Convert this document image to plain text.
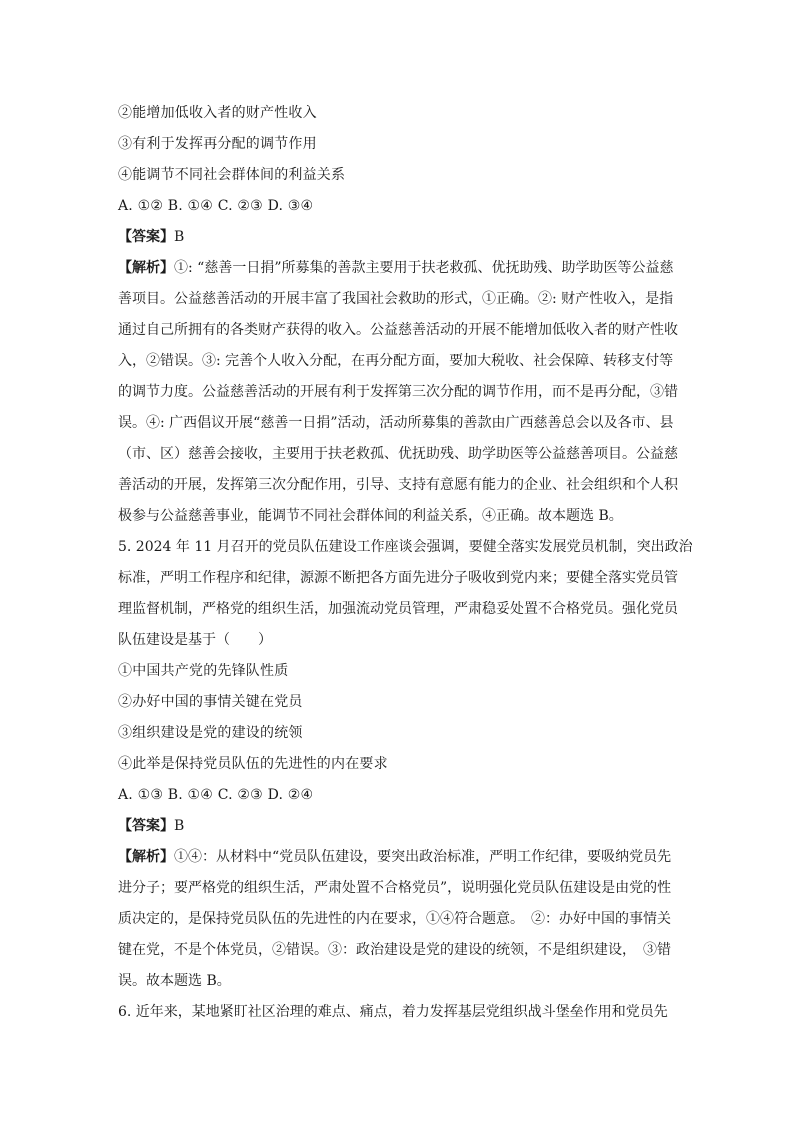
②能增加低收入者的财产性收入
③有利于发挥再分配的调节作用
④能调节不同社会群体间的利益关系
A. ①② B. ①④ C. ②③ D. ③④
【答案】B
【解析】①: “慈善一日捐”所募集的善款主要用于扶老救孤、优抚助残、助学助医等公益慈
善项目。公益慈善活动的开展丰富了我国社会救助的形式，①正确。②: 财产性收入，是指
通过自己所拥有的各类财产获得的收入。公益慈善活动的开展不能增加低收入者的财产性收
入，②错误。③: 完善个人收入分配，在再分配方面，要加大税收、社会保障、转移支付等
的调节力度。公益慈善活动的开展有利于发挥第三次分配的调节作用，而不是再分配，③错
误。④: 广西倡议开展“慈善一日捐”活动，活动所募集的善款由广西慈善总会以及各市、县
（市、区）慈善会接收，主要用于扶老救孤、优抚助残、助学助医等公益慈善项目。公益慈
善活动的开展，发挥第三次分配作用，引导、支持有意愿有能力的企业、社会组织和个人积
极参与公益慈善事业，能调节不同社会群体间的利益关系，④正确。故本题选 B。
5. 2024 年 11 月召开的党员队伍建设工作座谈会强调，要健全落实发展党员机制，突出政治
标准，严明工作程序和纪律，源源不断把各方面先进分子吸收到党内来；要健全落实党员管
理监督机制，严格党的组织生活，加强流动党员管理，严肃稳妥处置不合格党员。强化党员
队伍建设是基于（　　）
①中国共产党的先锋队性质
②办好中国的事情关键在党员
③组织建设是党的建设的统领
④此举是保持党员队伍的先进性的内在要求
A. ①③ B. ①④ C. ②③ D. ②④
【答案】B
【解析】①④：从材料中“党员队伍建设，要突出政治标准，严明工作纪律，要吸纳党员先
进分子；要严格党的组织生活，严肃处置不合格党员”，说明强化党员队伍建设是由党的性
质决定的，是保持党员队伍的先进性的内在要求，①④符合题意。　②：办好中国的事情关
键在党，不是个体党员，②错误。③：政治建设是党的建设的统领，不是组织建设，　③错
误。故本题选 B。
6. 近年来，某地紧盯社区治理的难点、痛点，着力发挥基层党组织战斗堡垒作用和党员先
